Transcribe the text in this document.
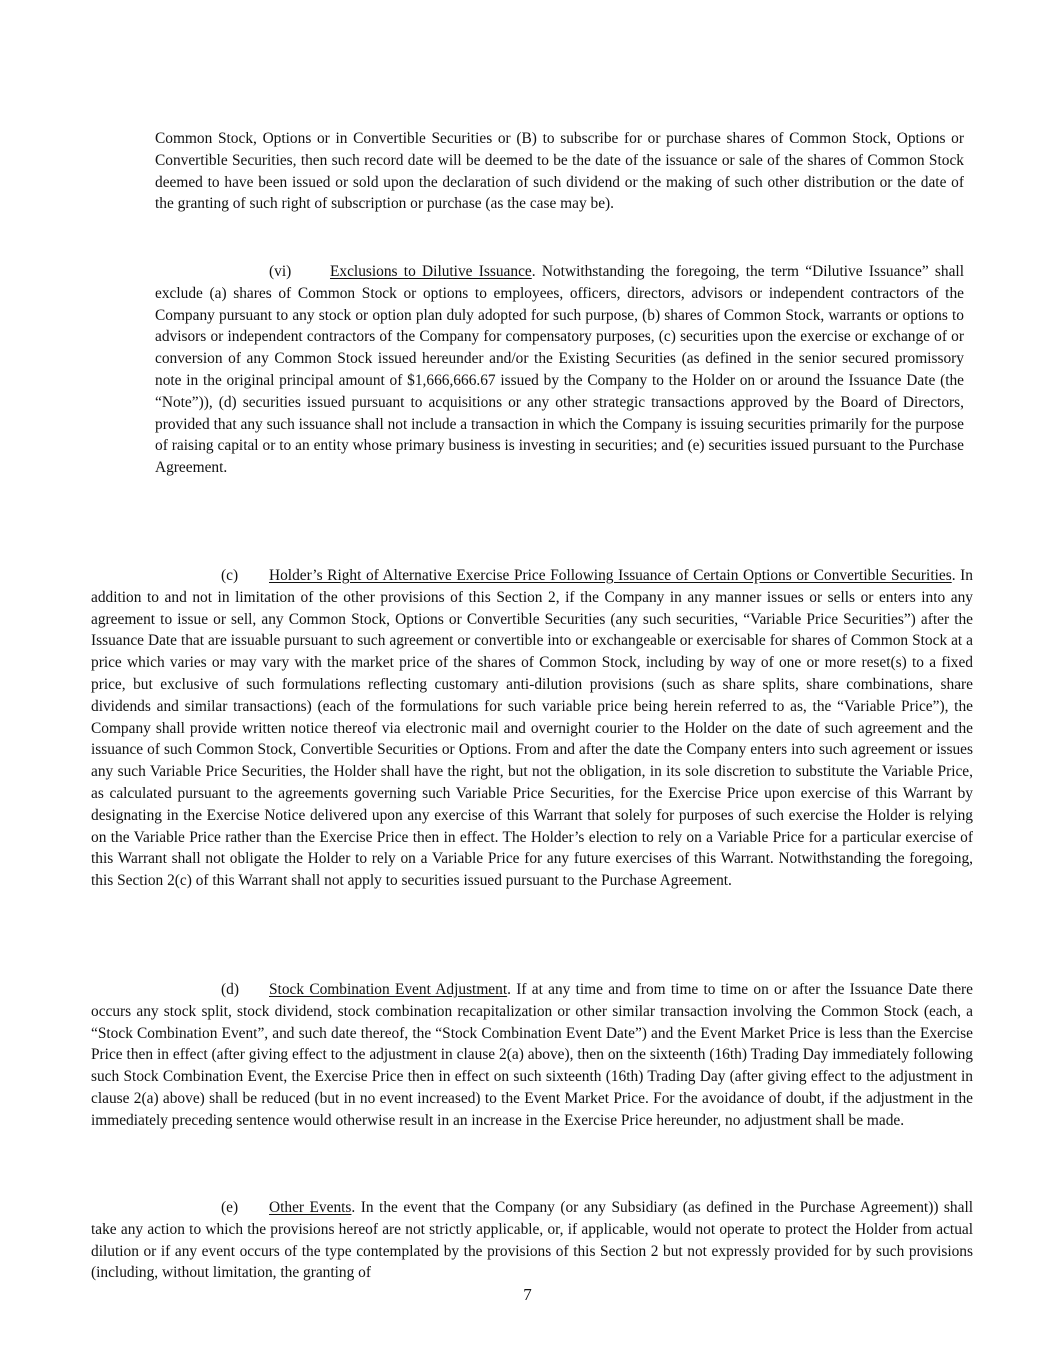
Common Stock, Options or in Convertible Securities or (B) to subscribe for or purchase shares of Common Stock, Options or Convertible Securities, then such record date will be deemed to be the date of the issuance or sale of the shares of Common Stock deemed to have been issued or sold upon the declaration of such dividend or the making of such other distribution or the date of the granting of such right of subscription or purchase (as the case may be).

(vi)	Exclusions to Dilutive Issuance. Notwithstanding the foregoing, the term “Dilutive Issuance” shall exclude (a) shares of Common Stock or options to employees, officers, directors, advisors or independent contractors of the Company pursuant to any stock or option plan duly adopted for such purpose, (b) shares of Common Stock, warrants or options to advisors or independent contractors of the Company for compensatory purposes, (c) securities upon the exercise or exchange of or conversion of any Common Stock issued hereunder and/or the Existing Securities (as defined in the senior secured promissory note in the original principal amount of $1,666,666.67 issued by the Company to the Holder on or around the Issuance Date (the “Note”)), (d) securities issued pursuant to acquisitions or any other strategic transactions approved by the Board of Directors, provided that any such issuance shall not include a transaction in which the Company is issuing securities primarily for the purpose of raising capital or to an entity whose primary business is investing in securities; and (e) securities issued pursuant to the Purchase Agreement.

(c) Holder’s Right of Alternative Exercise Price Following Issuance of Certain Options or Convertible Securities. In addition to and not in limitation of the other provisions of this Section 2, if the Company in any manner issues or sells or enters into any agreement to issue or sell, any Common Stock, Options or Convertible Securities (any such securities, “Variable Price Securities”) after the Issuance Date that are issuable pursuant to such agreement or convertible into or exchangeable or exercisable for shares of Common Stock at a price which varies or may vary with the market price of the shares of Common Stock, including by way of one or more reset(s) to a fixed price, but exclusive of such formulations reflecting customary anti-dilution provisions (such as share splits, share combinations, share dividends and similar transactions) (each of the formulations for such variable price being herein referred to as, the “Variable Price”), the Company shall provide written notice thereof via electronic mail and overnight courier to the Holder on the date of such agreement and the issuance of such Common Stock, Convertible Securities or Options. From and after the date the Company enters into such agreement or issues any such Variable Price Securities, the Holder shall have the right, but not the obligation, in its sole discretion to substitute the Variable Price, as calculated pursuant to the agreements governing such Variable Price Securities, for the Exercise Price upon exercise of this Warrant by designating in the Exercise Notice delivered upon any exercise of this Warrant that solely for purposes of such exercise the Holder is relying on the Variable Price rather than the Exercise Price then in effect. The Holder’s election to rely on a Variable Price for a particular exercise of this Warrant shall not obligate the Holder to rely on a Variable Price for any future exercises of this Warrant. Notwithstanding the foregoing, this Section 2(c) of this Warrant shall not apply to securities issued pursuant to the Purchase Agreement.

(d) Stock Combination Event Adjustment. If at any time and from time to time on or after the Issuance Date there occurs any stock split, stock dividend, stock combination recapitalization or other similar transaction involving the Common Stock (each, a “Stock Combination Event”, and such date thereof, the “Stock Combination Event Date”) and the Event Market Price is less than the Exercise Price then in effect (after giving effect to the adjustment in clause 2(a) above), then on the sixteenth (16th) Trading Day immediately following such Stock Combination Event, the Exercise Price then in effect on such sixteenth (16th) Trading Day (after giving effect to the adjustment in clause 2(a) above) shall be reduced (but in no event increased) to the Event Market Price. For the avoidance of doubt, if the adjustment in the immediately preceding sentence would otherwise result in an increase in the Exercise Price hereunder, no adjustment shall be made.

(e) Other Events. In the event that the Company (or any Subsidiary (as defined in the Purchase Agreement)) shall take any action to which the provisions hereof are not strictly applicable, or, if applicable, would not operate to protect the Holder from actual dilution or if any event occurs of the type contemplated by the provisions of this Section 2 but not expressly provided for by such provisions (including, without limitation, the granting of

7
